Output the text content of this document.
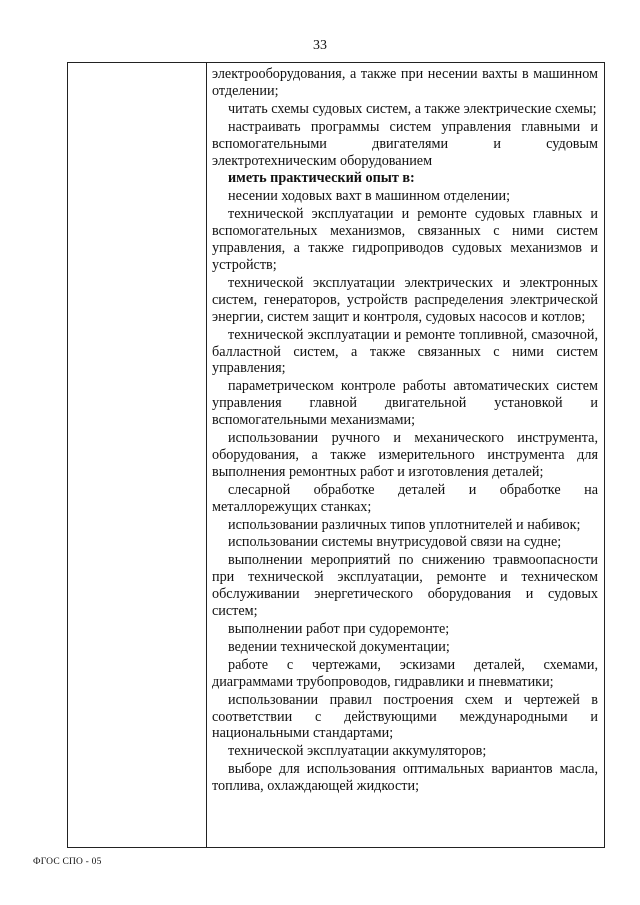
33

электрооборудования, а также при несении вахты в машинном отделении;

читать схемы судовых систем, а также электрические схемы;

настраивать программы систем управления главными и вспомогательными двигателями и судовым электротехническим оборудованием

иметь практический опыт в:

несении ходовых вахт в машинном отделении;

технической эксплуатации и ремонте судовых главных и вспомогательных механизмов, связанных с ними систем управления, а также гидроприводов судовых механизмов и устройств;

технической эксплуатации электрических и электронных систем, генераторов, устройств распределения электрической энергии, систем защит и контроля, судовых насосов и котлов;

технической эксплуатации и ремонте топливной, смазочной, балластной систем, а также связанных с ними систем управления;

параметрическом контроле работы автоматических систем управления главной двигательной установкой и вспомогательными механизмами;

использовании ручного и механического инструмента, оборудования, а также измерительного инструмента для выполнения ремонтных работ и изготовления деталей;

слесарной обработке деталей и обработке на металлорежущих станках;

использовании различных типов уплотнителей и набивок;

использовании системы внутрисудовой связи на судне;

выполнении мероприятий по снижению травмоопасности при технической эксплуатации, ремонте и техническом обслуживании энергетического оборудования и судовых систем;

выполнении работ при судоремонте;

ведении технической документации;

работе с чертежами, эскизами деталей, схемами, диаграммами трубопроводов, гидравлики и пневматики;

использовании правил построения схем и чертежей в соответствии с действующими международными и национальными стандартами;

технической эксплуатации аккумуляторов;

выборе для использования оптимальных вариантов масла, топлива, охлаждающей жидкости;

ФГОС СПО - 05
